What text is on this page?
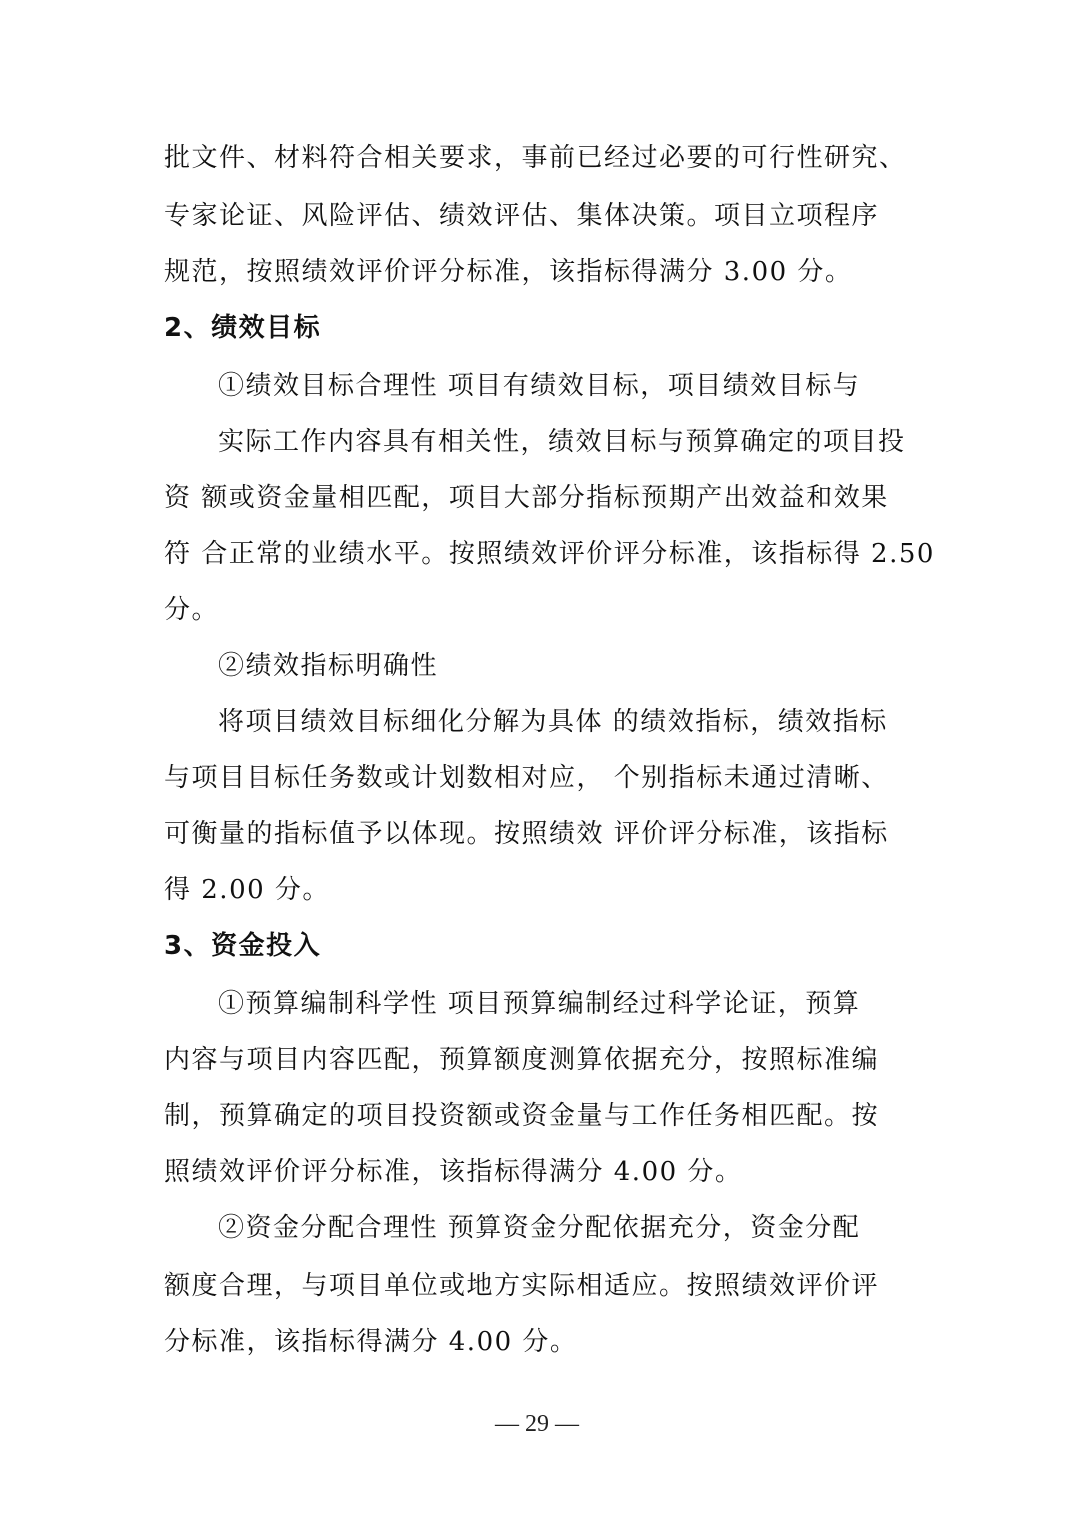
批文件、材料符合相关要求，事前已经过必要的可行性研究、
专家论证、风险评估、绩效评估、集体决策。项目立项程序
规范，按照绩效评价评分标准，该指标得满分 3.00 分。
2、绩效目标
①绩效目标合理性 项目有绩效目标，项目绩效目标与
实际工作内容具有相关性，绩效目标与预算确定的项目投
资 额或资金量相匹配，项目大部分指标预期产出效益和效果
符 合正常的业绩水平。按照绩效评价评分标准，该指标得 2.50
分。
②绩效指标明确性
将项目绩效目标细化分解为具体 的绩效指标，绩效指标
与项目目标任务数或计划数相对应， 个别指标未通过清晰、
可衡量的指标值予以体现。按照绩效 评价评分标准，该指标
得 2.00 分。
3、资金投入
①预算编制科学性 项目预算编制经过科学论证，预算
内容与项目内容匹配，预算额度测算依据充分，按照标准编
制，预算确定的项目投资额或资金量与工作任务相匹配。按
照绩效评价评分标准，该指标得满分 4.00 分。
②资金分配合理性 预算资金分配依据充分，资金分配
额度合理，与项目单位或地方实际相适应。按照绩效评价评
分标准，该指标得满分 4.00 分。
— 29 —
